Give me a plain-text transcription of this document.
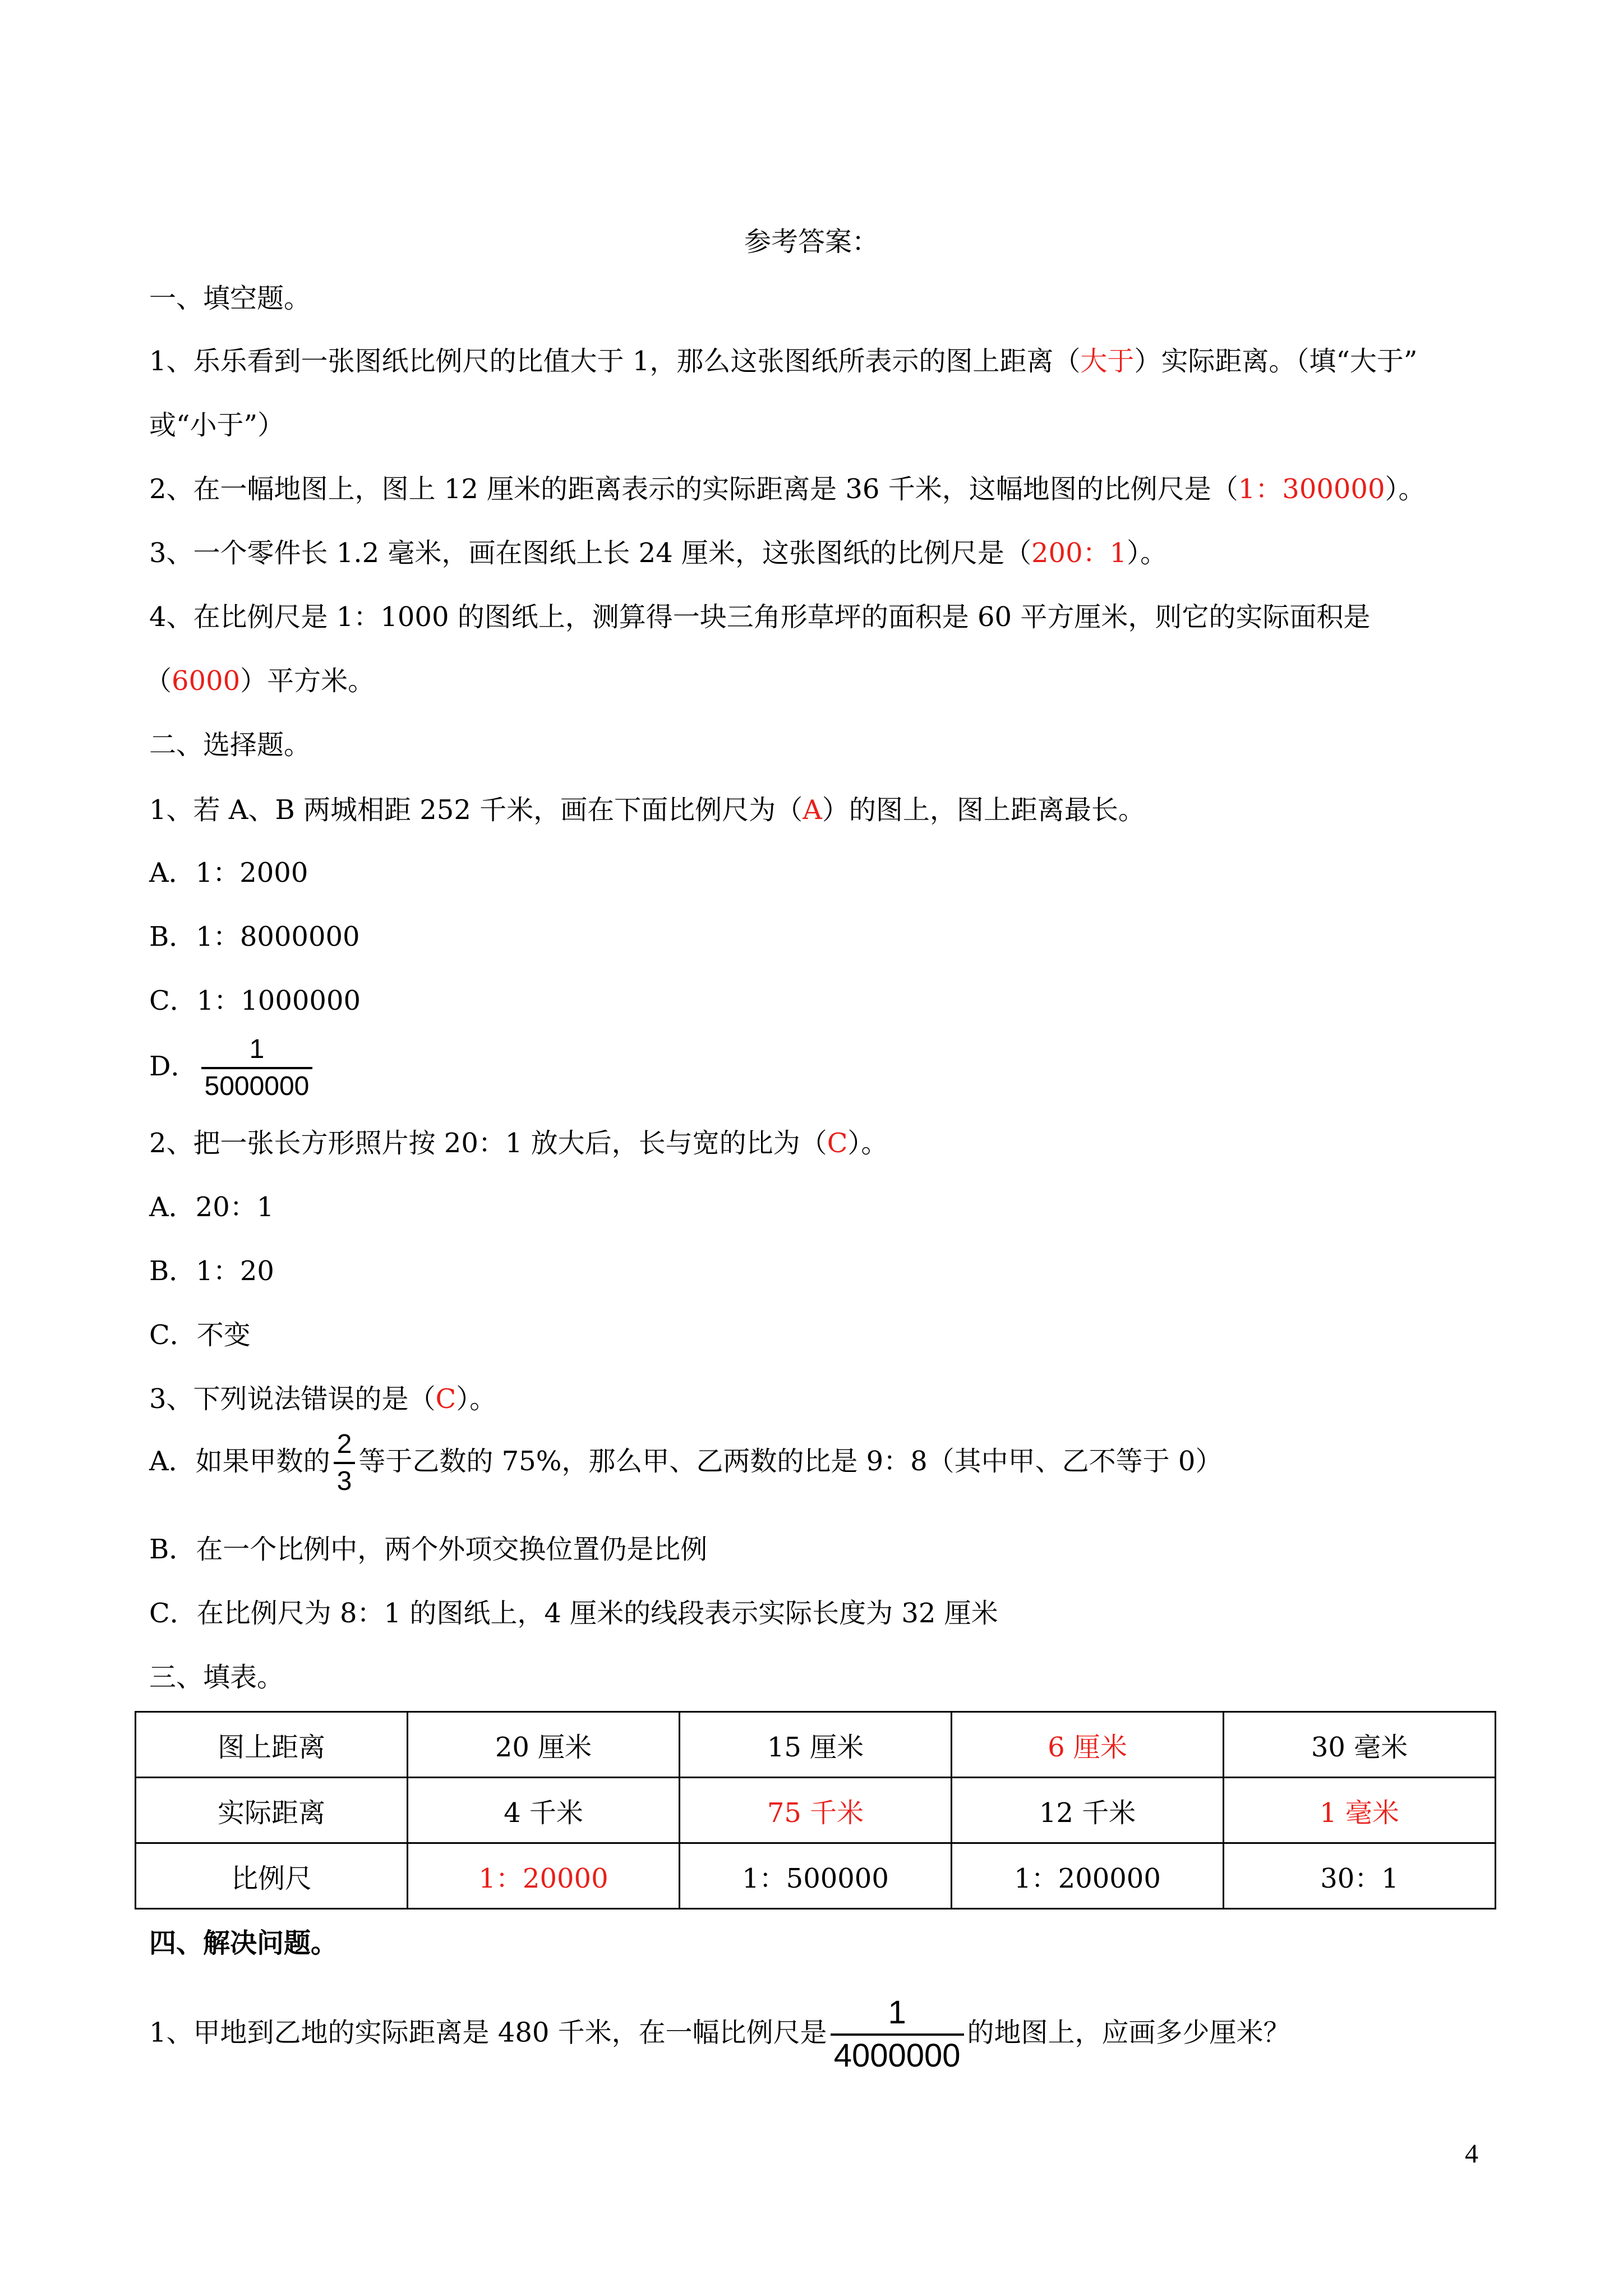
参考答案：
一、填空题。
1、乐乐看到一张图纸比例尺的比值大于 1，那么这张图纸所表示的图上距离（大于）实际距离。（填“大于”
或“小于”）
2、在一幅地图上，图上 12 厘米的距离表示的实际距离是 36 千米，这幅地图的比例尺是（1：300000）。
3、一个零件长 1.2 毫米，画在图纸上长 24 厘米，这张图纸的比例尺是（200：1）。
4、在比例尺是 1：1000 的图纸上，测算得一块三角形草坪的面积是 60 平方厘米，则它的实际面积是
（6000）平方米。
二、选择题。
1、若 A、B 两城相距 252 千米，画在下面比例尺为（A）的图上，图上距离最长。
A．1：2000
B．1：8000000
C．1：1000000
D． $\frac{1}{5000000}$
2、把一张长方形照片按 20：1 放大后，长与宽的比为（C）。
A．20：1
B．1：20
C．不变
3、下列说法错误的是（C）。
A．如果甲数的 $\frac{2}{3}$ 等于乙数的 75%，那么甲、乙两数的比是 9：8（其中甲、乙不等于 0）
B．在一个比例中，两个外项交换位置仍是比例
C．在比例尺为 8：1 的图纸上，4 厘米的线段表示实际长度为 32 厘米
三、填表。
图上距离	20 厘米	15 厘米	6 厘米	30 毫米
实际距离	4 千米	75 千米	12 千米	1 毫米
比例尺	1：20000	1：500000	1：200000	30：1
四、解决问题。
1、甲地到乙地的实际距离是 480 千米，在一幅比例尺是 $\frac{1}{4000000}$ 的地图上，应画多少厘米？
4
